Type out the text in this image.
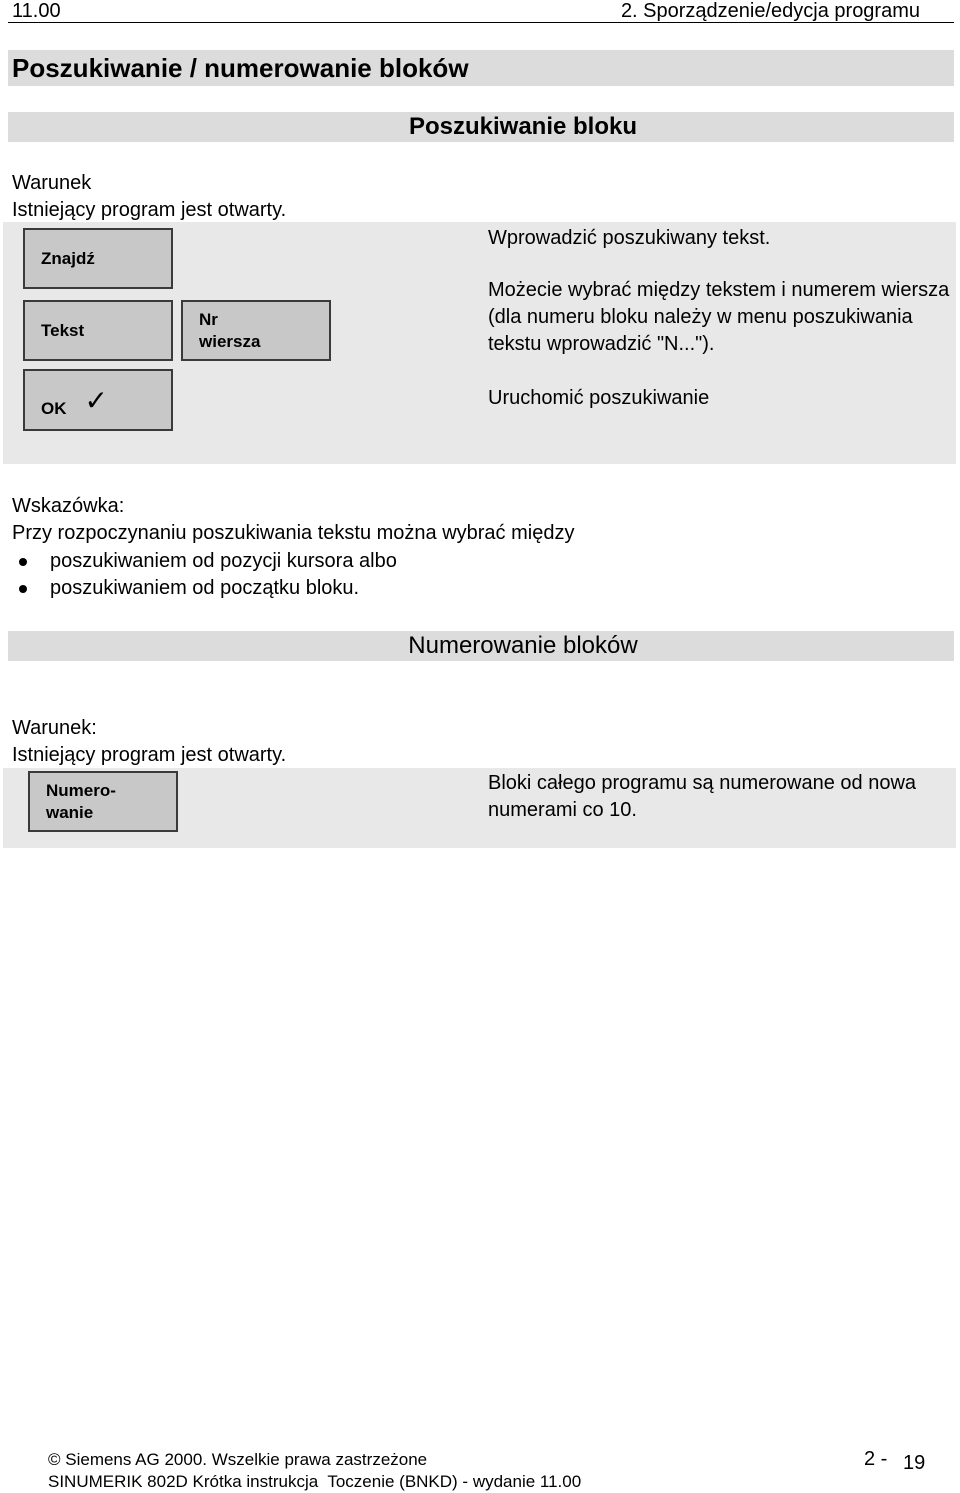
11.00	2. Sporządzenie/edycja programu
Poszukiwanie / numerowanie bloków
Poszukiwanie bloku
Warunek
Istniejący program jest otwarty.
Znajdź
Tekst
Nr
wiersza
OK ✓
Wprowadzić poszukiwany tekst.
Możecie wybrać między tekstem i numerem wiersza (dla numeru bloku należy w menu poszukiwania tekstu wprowadzić "N...").
Uruchomić poszukiwanie
Wskazówka:
Przy rozpoczynaniu poszukiwania tekstu można wybrać między
poszukiwaniem od pozycji kursora albo
poszukiwaniem od początku bloku.
Numerowanie bloków
Warunek:
Istniejący program jest otwarty.
Numero-
wanie
Bloki całego programu są numerowane od nowa numerami co 10.
© Siemens AG 2000. Wszelkie prawa zastrzeżone
SINUMERIK 802D Krótka instrukcja  Toczenie (BNKD) - wydanie 11.00
2 - 19
